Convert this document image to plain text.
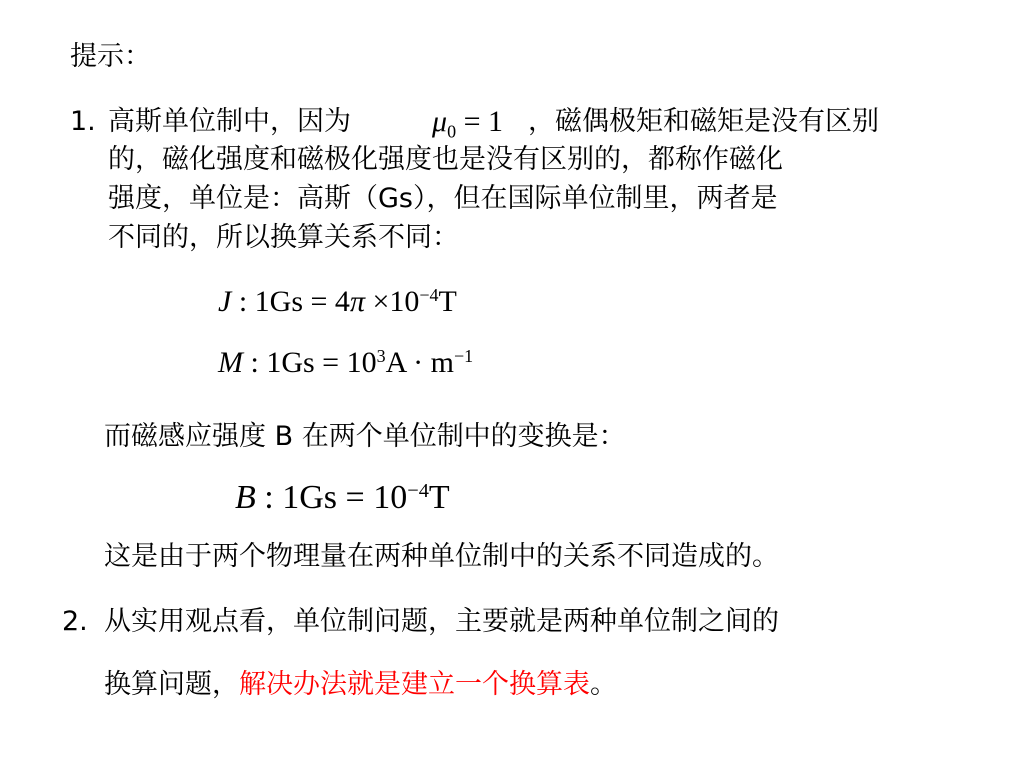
提示：
1. 高斯单位制中，因为	$\mu_0 = 1$ ，磁偶极矩和磁矩是没有区别
的，磁化强度和磁极化强度也是没有区别的，都称作磁化
强度，单位是：高斯（Gs），但在国际单位制里，两者是
不同的，所以换算关系不同：
J : $1Gs = 4\pi \times 10^{-4}T$
M : $1Gs = 10^3A \cdot m^{-1}$
而磁感应强度 B 在两个单位制中的变换是：
B : $1Gs = 10^{-4}T$
这是由于两个物理量在两种单位制中的关系不同造成的。
2. 从实用观点看，单位制问题，主要就是两种单位制之间的
换算问题，解决办法就是建立一个换算表。
